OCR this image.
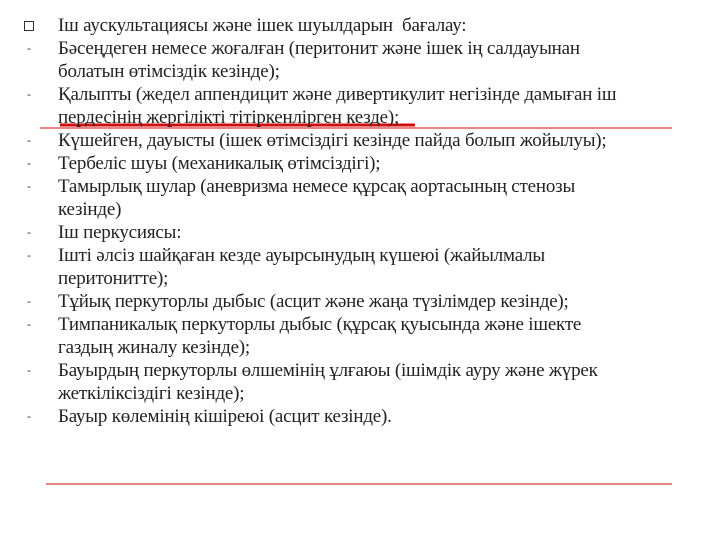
Іш аускультациясы және ішек шуылдарын  бағалау:
- Бәсеңдеген немесе жоғалған (перитонит және ішек ің салдауынан
болатын өтімсіздік кезінде);
- Қалыпты (жедел аппендицит және дивертикулит негізінде дамыған іш
пердесінің жергілікті тітіркенлірген кезде);
- Күшейген, дауысты (ішек өтімсіздігі кезінде пайда болып жойылуы);
- Тербеліс шуы (механикалық өтімсіздігі);
- Тамырлық шулар (аневризма немесе құрсақ аортасының стенозы
кезінде)
- Іш перкусиясы:
- Ішті әлсіз шайқаған кезде ауырсынудың күшеюі (жайылмалы
перитонитте);
- Тұйық перкуторлы дыбыс (асцит және жаңа түзілімдер кезінде);
- Тимпаникалық перкуторлы дыбыс (құрсақ қуысында және ішекте
газдың жиналу кезінде);
- Бауырдың перкуторлы өлшемінің ұлғаюы (ішімдік ауру және жүрек
жеткіліксіздігі кезінде);
- Бауыр көлемінің кішіреюі (асцит кезінде).
